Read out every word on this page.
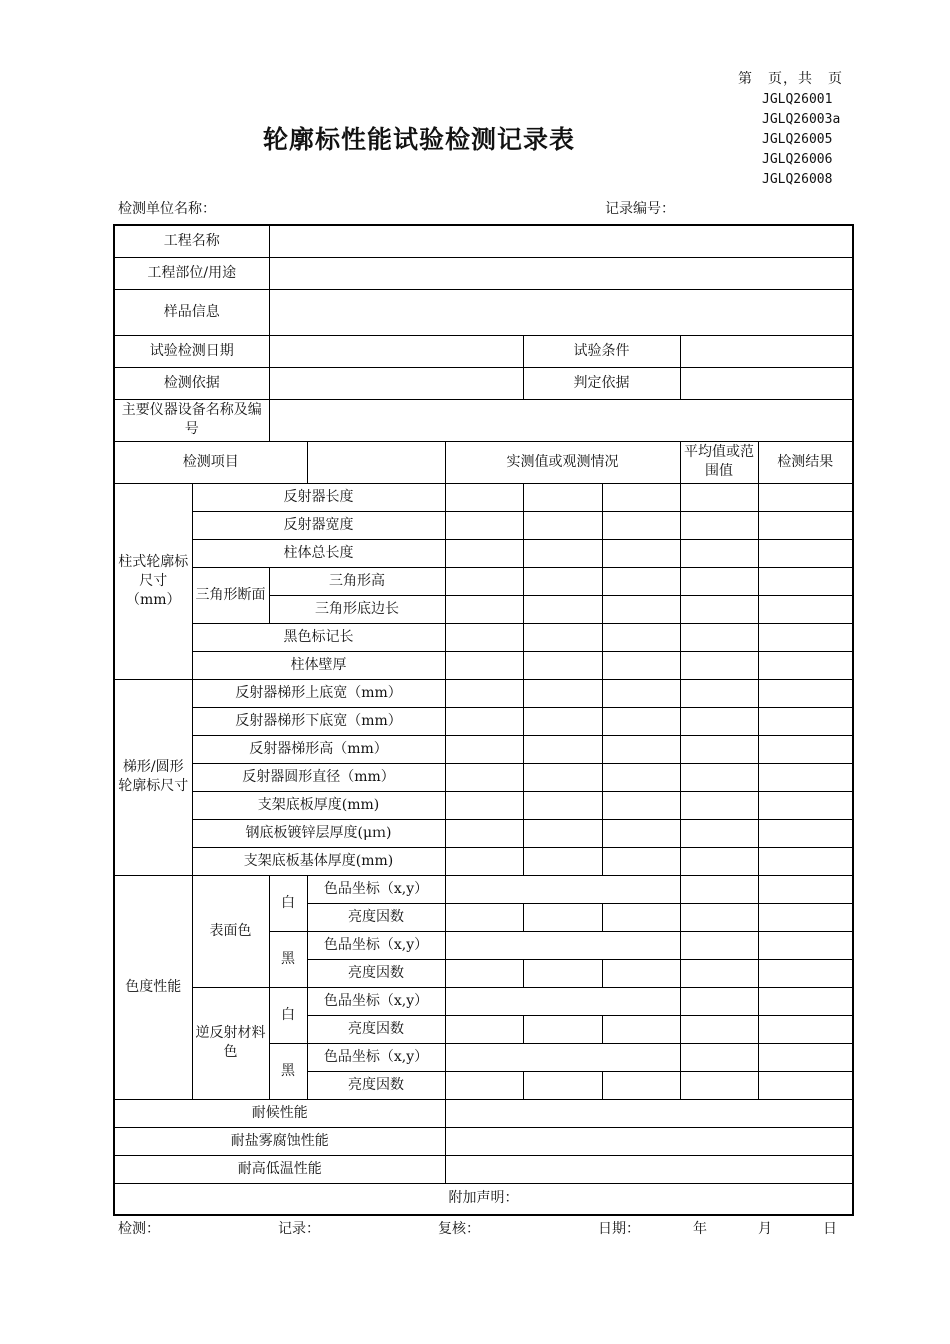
第　页，共　页
JGLQ26001
JGLQ26003a
JGLQ26005
JGLQ26006
JGLQ26008
轮廓标性能试验检测记录表
检测单位名称：	记录编号：
工程名称								
工程部位/用途								
样品信息								
试验检测日期					试验条件			
检测依据					判定依据			
主要仪器设备名称及编号								
检测项目				实测值或观测情况			平均值或范围值	检测结果
柱式轮廓标尺寸（mm）	反射器长度							
	反射器宽度							
	柱体总长度							
	三角形断面	三角形高						
		三角形底边长						
	黑色标记长							
	柱体壁厚							
梯形/圆形轮廓标尺寸	反射器梯形上底宽（mm）							
	反射器梯形下底宽（mm）							
	反射器梯形高（mm）							
	反射器圆形直径（mm）							
	支架底板厚度(mm)							
	钢底板镀锌层厚度(μｍ)							
	支架底板基体厚度(mm)							
色度性能	表面色	白	色品坐标（x,y）					
			亮度因数					
		黑	色品坐标（x,y）					
			亮度因数					
	逆反射材料色	白	色品坐标（x,y）					
			亮度因数					
		黑	色品坐标（x,y）					
			亮度因数					
耐候性能								
耐盐雾腐蚀性能								
耐高低温性能								
附加声明：								
检测：	记录：	复核：	日期：	年	月	日
